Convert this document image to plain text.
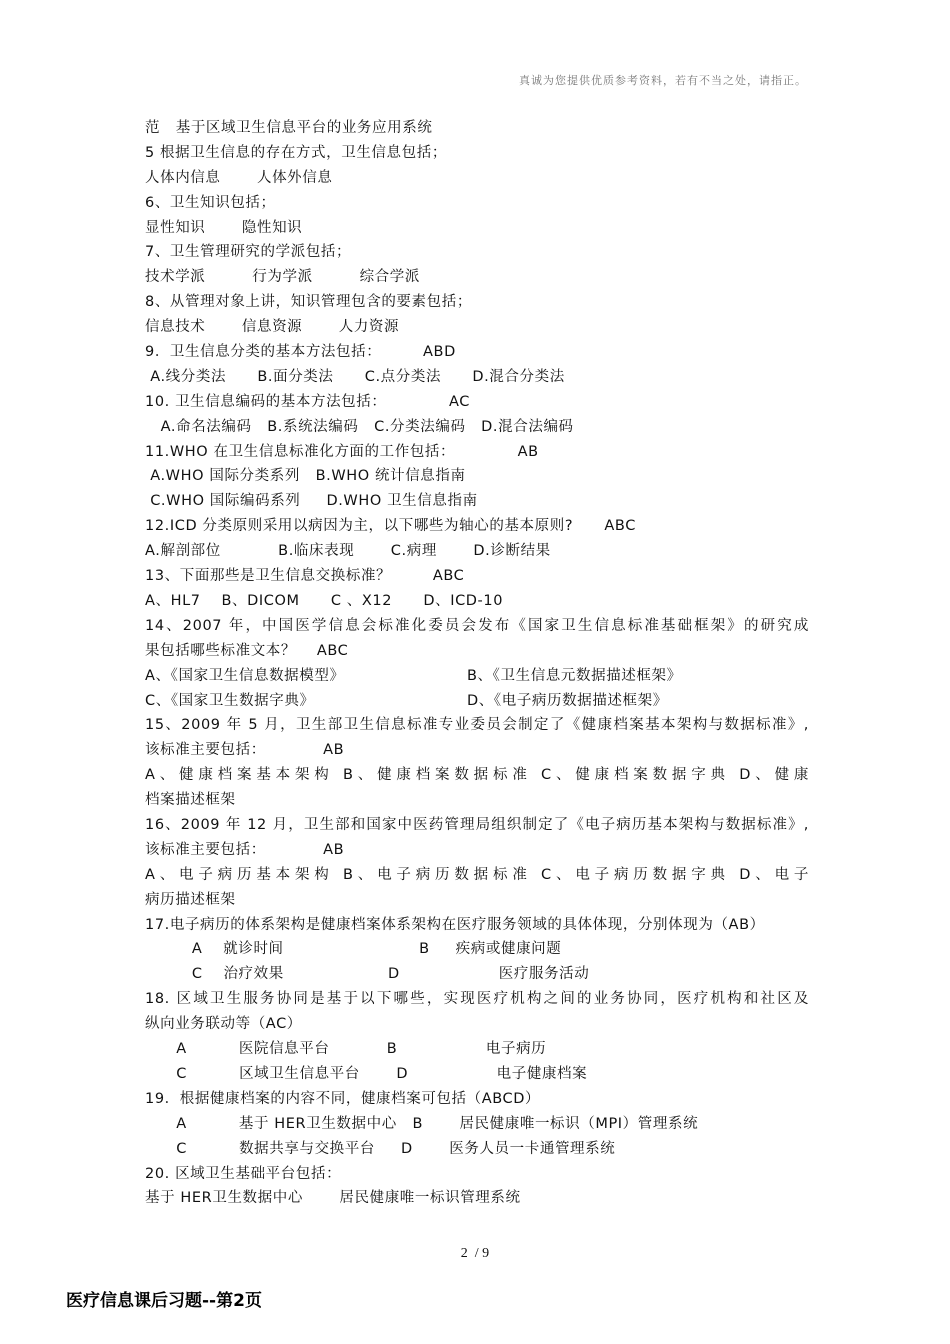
真诚为您提供优质参考资料，若有不当之处，请指正。
范   基于区域卫生信息平台的业务应用系统
5 根据卫生信息的存在方式，卫生信息包括；
人体内信息       人体外信息
6、卫生知识包括；
显性知识       隐性知识
7、卫生管理研究的学派包括；
技术学派         行为学派         综合学派
8、从管理对象上讲，知识管理包含的要素包括；
信息技术       信息资源       人力资源
9．卫生信息分类的基本方法包括：        ABD
A.线分类法      B.面分类法      C.点分类法      D.混合分类法
10. 卫生信息编码的基本方法包括：            AC
A.命名法编码   B.系统法编码   C.分类法编码   D.混合法编码
11.WHO 在卫生信息标准化方面的工作包括：            AB
A.WHO 国际分类系列   B.WHO 统计信息指南
C.WHO 国际编码系列     D.WHO 卫生信息指南
12.ICD 分类原则采用以病因为主，以下哪些为轴心的基本原则?      ABC
A.解剖部位           B.临床表现       C.病理       D.诊断结果
13、下面那些是卫生信息交换标准？        ABC
A、HL7    B、DICOM      C 、X12      D、ICD-10
14、2007 年，中国医学信息会标准化委员会发布《国家卫生信息标准基础框架》的研究成
果包括哪些标准文本？    ABC
A、《国家卫生信息数据模型》	B、《卫生信息元数据描述框架》
C、《国家卫生数据字典》	D、《电子病历数据描述框架》
15、2009 年 5 月，卫生部卫生信息标准专业委员会制定了《健康档案基本架构与数据标准》,
该标准主要包括：           AB
A、健康档案基本架构 B、健康档案数据标准 C、健康档案数据字典 D、健康
档案描述框架
16、2009 年 12 月，卫生部和国家中医药管理局组织制定了《电子病历基本架构与数据标准》,
该标准主要包括：           AB
A、电子病历基本架构 B、电子病历数据标准 C、电子病历数据字典 D、电子
病历描述框架
17.电子病历的体系架构是健康档案体系架构在医疗服务领域的具体体现，分别体现为（AB）
A    就诊时间                          B     疾病或健康问题
C    治疗效果                    D                   医疗服务活动
18. 区域卫生服务协同是基于以下哪些，实现医疗机构之间的业务协同，医疗机构和社区及
纵向业务联动等（AC）
A          医院信息平台           B                 电子病历
C          区域卫生信息平台       D                 电子健康档案
19．根据健康档案的内容不同，健康档案可包括（ABCD）
A          基于 HER卫生数据中心   B       居民健康唯一标识（MPI）管理系统
C          数据共享与交换平台     D       医务人员一卡通管理系统
20. 区域卫生基础平台包括：
基于 HER卫生数据中心       居民健康唯一标识管理系统
2  / 9
医疗信息课后习题--第2页
